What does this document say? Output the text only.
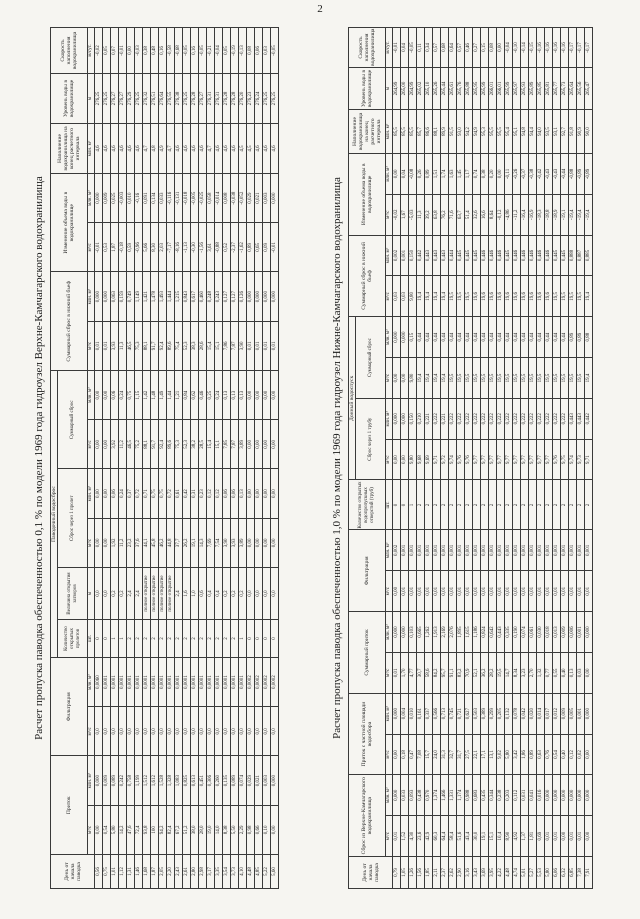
2
Расчет пропуска паводка обеспеченностью 0,1 % по модели 1969 года гидроузел Верхне-Камчагарского водохранилища
День от начала паводка	Приток		Фильтрация		Паводочный водосброс						Суммарный сброс в нижний бьеф		Изменение объема воды в водохранилище		Наполнение водохранилища на конец расчетного интервала	Уровень воды в водохранилище	Скорость наполнения водохранилища
					Количество открытых пролетов	Величина открытия затворов	Сброс через 1 пролет		Суммарный сброс								
	м³/с	млн. м³	м³/с	млн. м³	шт.	м	м³/с	млн. м³	м³/с	млн. м³	м³/с	млн. м³	м³/с	млн. м³	млн. м³	м	м/сут.
0,56	0,00	0,000	0,0	0,0060	0	0,0	0,00	0,00	0,00	0,00	0,01	0,000	-0,01	0,000	4,6	276,25	-0,02
0,75	0,54	0,009	0,0	0,0001	0	0,0	0,00	0,00	0,00	0,00	0,01	0,000	0,53	0,009	4,6	276,25	0,05
1,01	5,80	0,089	0,0	0,0001	1	0,2	1,92	0,06	3,92	0,06	3,93	0,063	1,87	0,025	4,6	276,27	0,07
1,12	14,2	0,242	0,0	0,0001	1	0,2	11,2	0,24	11,2	0,24	11,3	0,159	-0,18	-0,003	4,6	276,27	-0,01
1,31	47,6	0,758	0,0	0,0001	2	2,4	23,2	0,37	46,5	0,75	46,5	0,749	0,59	0,010	4,6	276,29	0,00
1,46	72,4	1,199	0,0	0,0001	2	2,4	37,6	0,72	75,2	1,15	75,3	1,149	-0,96	-0,16	4,6	276,25	-0,03
1,68	93,8	1,512	0,0	0,0001	2	полное открытие	44,1	0,71	88,1	1,42	88,1	1,421	5,66	0,091	4,7	276,32	0,38
1,87	100	1,612	0,0	0,0001	2	полное открытие	45,8	0,75	91,7	1,48	91,7	1,478	8,30	0,134	4,8	276,51	0,48
2,05	94,2	1,528	0,0	0,0001	2	полное открытие	46,2	0,75	92,4	1,49	92,4	1,493	2,03	0,033	4,9	276,64	0,16
2,20	82,4	1,328	0,0	0,0001	2	полное открытие	44,8	0,72	89,6	1,44	89,6	1,444	-7,17	-0,116	4,7	276,55	-0,58
2,43	67,2	1,083	0,0	0,0001	2	2,4	37,7	0,61	75,3	1,21	75,4	1,215	-8,16	-0,131	4,6	276,38	-0,68
2,61	51,2	0,825	0,0	0,0001	2	1,6	26,2	0,42	52,3	0,84	52,3	0,843	-1,13	-0,018	4,6	276,25	-0,05
2,80	38,0	0,613	0,0	0,0001	2	1,0	19,1	0,31	38,2	0,62	38,3	0,617	-0,30	-0,005	4,6	276,28	0,16
2,98	28,0	0,451	0,0	0,0001	2	0,6	14,3	0,23	28,5	0,46	28,6	0,460	-1,56	-0,025	4,6	276,27	-0,05
3,17	19,0	0,306	0,0	0,0001	2	0,4	7,69	0,12	15,4	0,25	15,4	0,248	3,61	0,058	4,7	276,31	-0,21
3,35	14,0	0,260	0,0	0,0001	2	0,4	7,54	0,12	15,1	0,24	15,1	0,243	-0,88	-0,014	4,6	276,31	-0,04
3,54	8,38	0,135	0,0	0,0001	2	0,2	3,90	0,06	7,85	0,13	7,86	0,127	0,52	0,008	4,6	276,28	0,05
3,73	5,50	0,089	0,0	0,0001	2	0,2	3,93	0,06	7,87	0,13	7,87	0,127	-2,37	-0,038	4,6	276,28	-0,19
4,10	2,29	0,074	0,0	0,0001	1	0,2	3,89	0,13	3,89	0,13	3,90	0,126	-1,62	-0,052	4,5	276,20	-0,13
4,48	0,98	0,029	0,0	0,0002	0	0,0	0,00	0,00	0,00	0,00	0,01	0,000	0,89	0,029	4,5	276,23	0,08
4,85	0,66	0,021	0,0	0,0002	0	0,0	0,00	0,00	0,00	0,00	0,01	0,000	0,65	0,021	4,6	276,24	0,06
5,22	0,10	0,003	0,0	0,0002	0	0,0	0,00	0,00	0,00	0,00	0,01	0,000	0,09	0,003	4,6	276,25	0,03
5,60	0,00	0,000	0,0	0,0002	0	0,0	0,00	0,00	0,00	0,00	0,01	0,000	-0,01	0,000	4,6	276,25	-0,05
Расчет пропуска паводка обеспеченностью 1,0 % по модели 1969 года гидроузел Нижне-Камчагарского водохранилища
День от начала паводка	Сброс из Верхне-Камчагарского водохранилища		Приток с частной площади водосбора		Суммарный приток		Фильтрация		Количество открытых водопропускных отверстий (труб)	Донный водоспуск				Суммарный сброс в нижний бьеф		Изменение объема воды в водохранилище		Наполнение водохранилища на конец расчетного интервала	Уровень воды в водохранилище	Скорость наполнения водохранилища
										Сброс через 1 трубу		Суммарный сброс								
	м³/с	млн. м³	м³/с	млн. м³	м³/с	млн. м³	м³/с	млн. м³	шт.	м³/с	млн. м³	м³/с	млн. м³	м³/с	млн. м³	м³/с	млн. м³	млн. м³	м	м/сут.
0,79	0,01	0,000	0,00	0,000	0,01	0,000	0,00	0,002	0	0,00	0,000	0,00	0,000	0,03	0,002	-0,02	0,00	85,5	264,99	-0,01
1,05	1,52	0,033	0,18	0,004	1,70	0,000	0,01	0,001	0	0,00	0,000	0,00	0,000	0,03	0,001	1,67	0,04	85,5	265,00	0,04
1,26	4,30	0,093	0,47	0,010	4,77	0,103	0,01	0,001	1	9,80	0,150	9,80	0,15	9,80	0,150	-5,03	-0,08	85,5	264,99	-0,05
1,56	23,6	0,438	7,08	0,161	30,7	0,665	0,01	0,001	2	9,68	0,210	19,4	0,44	19,4	0,442	11,3	0,26	85,7	265,02	0,11
1,85	42,9	0,970	15,7	0,337	58,6	1,262	0,01	0,001	2	9,69	0,221	19,4	0,44	19,4	0,443	39,2	0,89	86,6	265,10	0,34
2,11	60,3	1,374	24,0	0,566	84,2	1,913	0,01	0,001	2	9,71	0,222	19,4	0,44	19,4	0,443	63,8	1,51	88,1	265,26	0,57
2,37	64,4	1,466	31,3	0,713	95,7	2,169	0,01	0,001	2	9,72	0,221	19,4	0,44	19,4	0,443	76,2	1,74	89,9	265,44	0,68
2,62	58,4	1,331	32,7	0,745	91,1	2,076	0,01	0,001	2	9,74	0,222	19,5	0,44	19,5	0,444	71,6	1,63	91,5	265,61	0,64
2,90	51,6	1,174	31,7	0,721	83,2	1,895	0,01	0,001	2	9,76	0,222	19,5	0,44	19,5	0,445	63,7	1,45	93,0	265,76	0,57
3,16	43,4	0,988	27,5	0,627	70,9	1,615	0,01	0,001	2	9,76	0,222	19,5	0,44	19,5	0,445	51,4	1,17	94,2	265,88	0,46
3,43	30,0	0,683	22,1	0,503	52,1	1,186	0,01	0,001	2	9,77	0,222	19,5	0,44	19,6	0,445	32,6	0,74	94,9	265,95	0,27
3,69	19,1	0,435	17,1	0,389	36,2	0,824	0,01	0,001	2	9,77	0,222	19,5	0,44	19,6	0,446	16,6	0,38	95,3	265,99	0,15
3,95	15,1	0,344	13,1	0,299	28,2	0,642	0,01	0,001	2	9,77	0,222	19,5	0,44	19,6	0,446	8,64	0,20	95,5	266,01	0,08
4,22	10,4	0,238	9,02	0,205	19,5	0,443	0,01	0,001	2	9,77	0,222	19,5	0,44	19,6	0,446	-0,12	0,00	95,5	266,01	0,00
4,48	8,90	0,203	5,80	0,132	14,7	0,335	0,01	0,001	2	9,77	0,222	19,5	0,44	19,6	0,445	-4,86	-0,11	95,4	265,99	-0,04
4,74	4,92	0,112	3,42	0,078	8,34	0,190	0,01	0,001	2	9,77	0,222	19,5	0,44	19,6	0,446	-11,2	-0,26	95,1	265,97	-0,10
5,01	1,37	0,031	1,86	0,042	3,23	0,074	0,01	0,001	2	9,77	0,222	19,5	0,44	19,6	0,446	-16,4	-0,37	94,8	265,93	-0,14
5,27	1,81	0,041	0,89	0,020	2,70	0,061	0,01	0,001	2	9,77	0,222	19,5	0,44	19,6	0,446	-16,9	-0,38	94,4	265,89	-0,15
5,53	0,69	0,016	0,63	0,014	1,32	0,030	0,01	0,001	2	9,77	0,222	19,5	0,44	19,6	0,446	-18,3	-0,42	94,0	265,85	-0,16
5,80	0,01	0,000	0,76	0,017	0,77	0,018	0,01	0,001	2	9,77	0,222	19,5	0,44	19,6	0,446	-18,8	-0,43	93,5	265,81	-0,16
6,06	0,01	0,000	0,54	0,012	0,55	0,013	0,01	0,001	2	9,76	0,222	19,5	0,44	19,5	0,445	-18,9	-0,43	93,1	265,77	-0,16
6,32	0,00	0,000	0,40	0,009	0,40	0,009	0,01	0,001	2	9,75	0,222	19,5	0,44	19,5	0,445	-19,1	-0,44	92,7	265,73	-0,16
6,85	0,01	0,000	0,12	0,005	0,13	0,006	0,01	0,001	2	9,74	0,443	19,5	0,89	19,5	0,888	-19,4	-0,88	91,8	265,64	-0,17
7,38	0,01	0,000	0,02	0,001	0,03	0,001	0,01	0,001	2	9,73	0,443	19,5	0,89	19,5	0,887	-19,4	-0,89	90,9	265,56	-0,17
7,91	0,00	0,000	0,00	0,000	0,00	0,000	0,01	0,001	2	9,71	0,442	19,4	0,88	19,4	0,885	-19,4	-0,89	90,0	265,47	-0,17
